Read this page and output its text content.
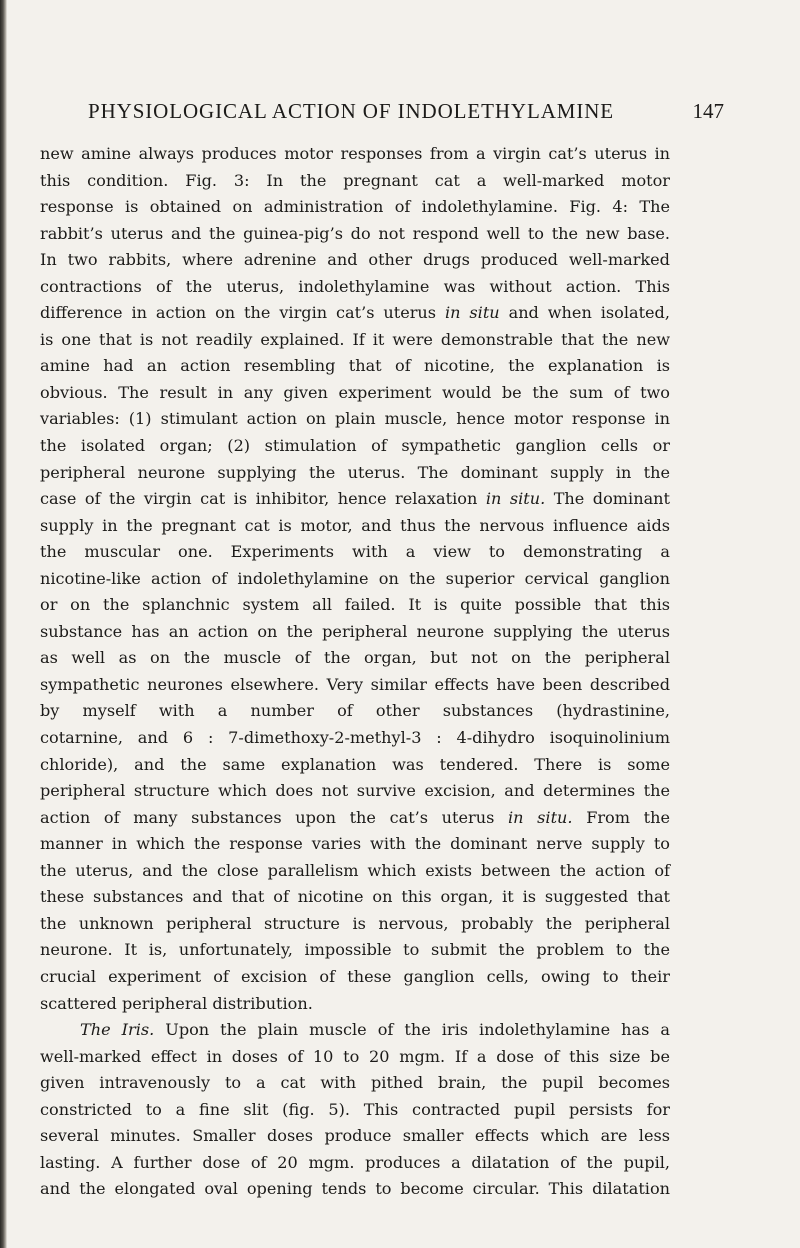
PHYSIOLOGICAL ACTION OF INDOLETHYLAMINE	147
new amine always produces motor responses from a virgin cat’s uterus in
this condition. Fig. 3: In the pregnant cat a well-marked motor
response is obtained on administration of indolethylamine. Fig. 4: The
rabbit’s uterus and the guinea-pig’s do not respond well to the new base.
In two rabbits, where adrenine and other drugs produced well-marked
contractions of the uterus, indolethylamine was without action. This
difference in action on the virgin cat’s uterus in situ and when isolated,
is one that is not readily explained. If it were demonstrable that the new
amine had an action resembling that of nicotine, the explanation is
obvious. The result in any given experiment would be the sum of two
variables: (1) stimulant action on plain muscle, hence motor response in
the isolated organ; (2) stimulation of sympathetic ganglion cells or
peripheral neurone supplying the uterus. The dominant supply in the
case of the virgin cat is inhibitor, hence relaxation in situ. The dominant
supply in the pregnant cat is motor, and thus the nervous influence aids
the muscular one. Experiments with a view to demonstrating a
nicotine-like action of indolethylamine on the superior cervical ganglion
or on the splanchnic system all failed. It is quite possible that this
substance has an action on the peripheral neurone supplying the uterus
as well as on the muscle of the organ, but not on the peripheral
sympathetic neurones elsewhere. Very similar effects have been described
by myself with a number of other substances (hydrastinine,
cotarnine, and 6 : 7-dimethoxy-2-methyl-3 : 4-dihydro isoquinolinium
chloride), and the same explanation was tendered. There is some
peripheral structure which does not survive excision, and determines the
action of many substances upon the cat’s uterus in situ. From the
manner in which the response varies with the dominant nerve supply to
the uterus, and the close parallelism which exists between the action of
these substances and that of nicotine on this organ, it is suggested that
the unknown peripheral structure is nervous, probably the peripheral
neurone. It is, unfortunately, impossible to submit the problem to the
crucial experiment of excision of these ganglion cells, owing to their
scattered peripheral distribution.
The Iris. Upon the plain muscle of the iris indolethylamine has a
well-marked effect in doses of 10 to 20 mgm. If a dose of this size be
given intravenously to a cat with pithed brain, the pupil becomes
constricted to a fine slit (fig. 5). This contracted pupil persists for
several minutes. Smaller doses produce smaller effects which are less
lasting. A further dose of 20 mgm. produces a dilatation of the pupil,
and the elongated oval opening tends to become circular. This dilatation
